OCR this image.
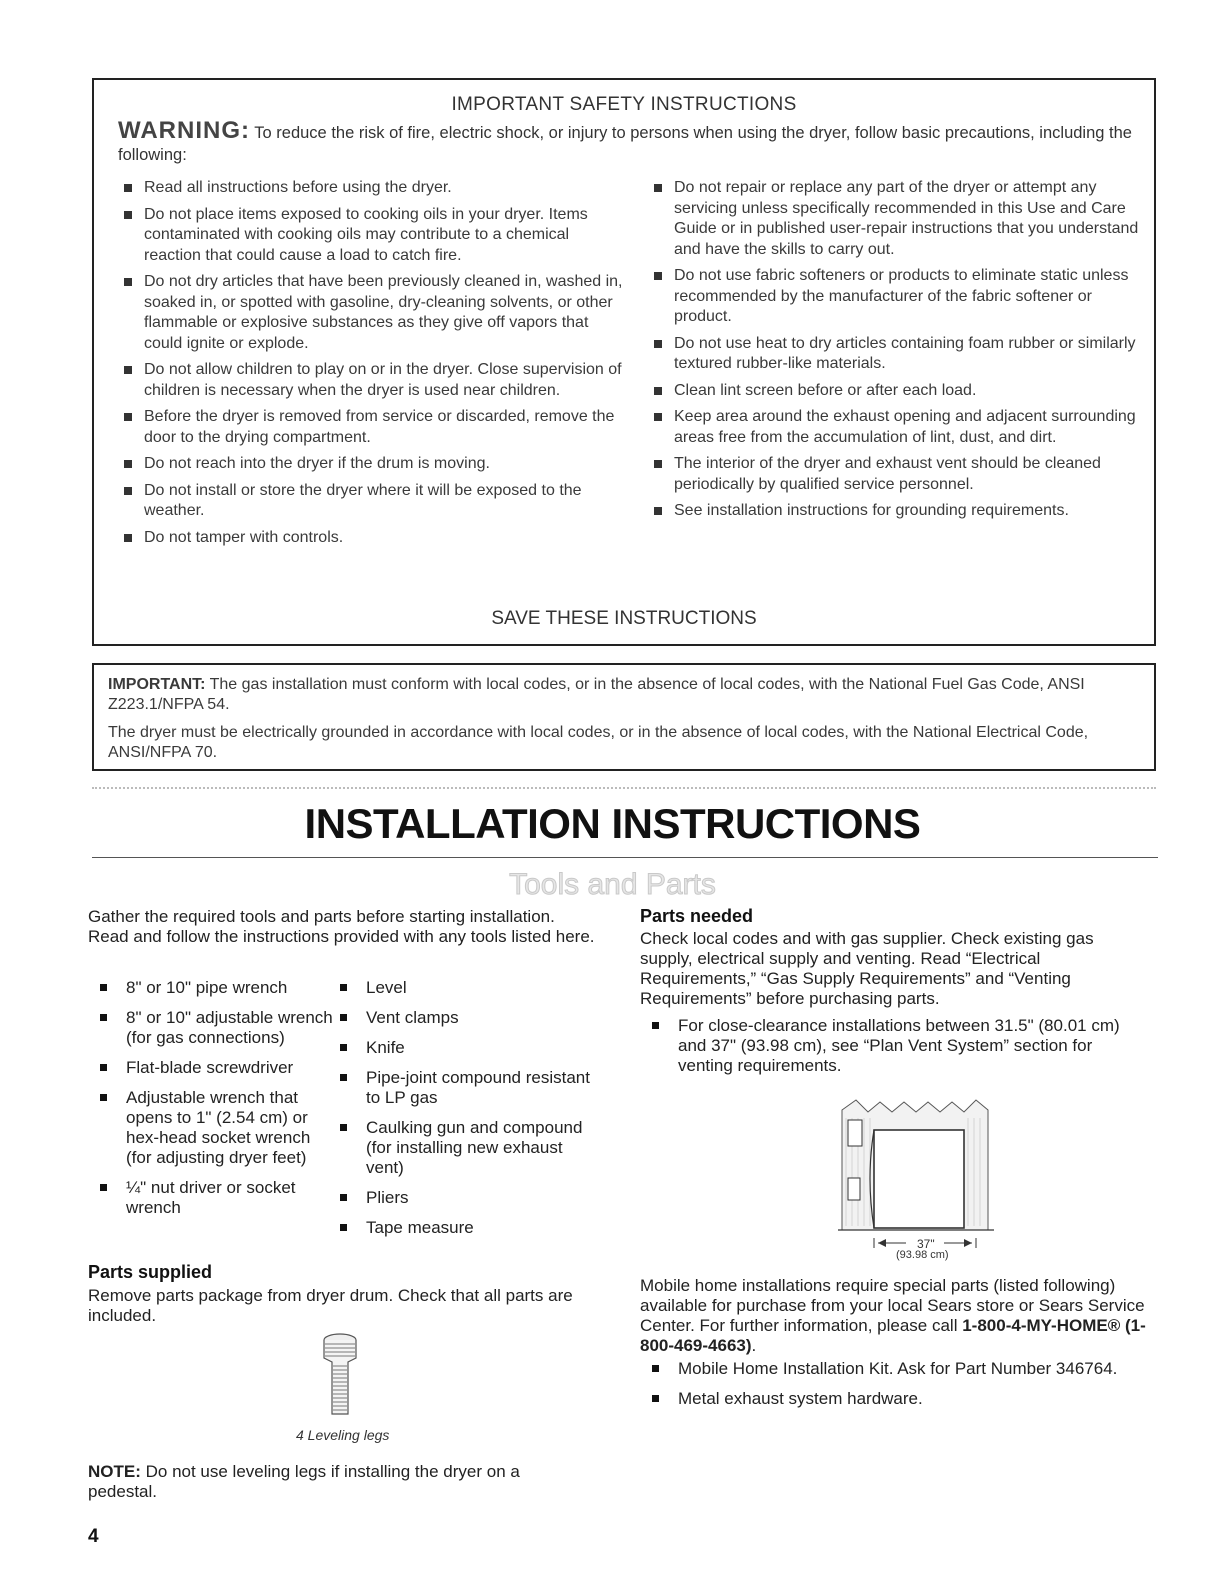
IMPORTANT SAFETY INSTRUCTIONS
WARNING: To reduce the risk of fire, electric shock, or injury to persons when using the dryer, follow basic precautions, including the following:
Read all instructions before using the dryer.
Do not place items exposed to cooking oils in your dryer. Items contaminated with cooking oils may contribute to a chemical reaction that could cause a load to catch fire.
Do not dry articles that have been previously cleaned in, washed in, soaked in, or spotted with gasoline, dry-cleaning solvents, or other flammable or explosive substances as they give off vapors that could ignite or explode.
Do not allow children to play on or in the dryer. Close supervision of children is necessary when the dryer is used near children.
Before the dryer is removed from service or discarded, remove the door to the drying compartment.
Do not reach into the dryer if the drum is moving.
Do not install or store the dryer where it will be exposed to the weather.
Do not tamper with controls.
Do not repair or replace any part of the dryer or attempt any servicing unless specifically recommended in this Use and Care Guide or in published user-repair instructions that you understand and have the skills to carry out.
Do not use fabric softeners or products to eliminate static unless recommended by the manufacturer of the fabric softener or product.
Do not use heat to dry articles containing foam rubber or similarly textured rubber-like materials.
Clean lint screen before or after each load.
Keep area around the exhaust opening and adjacent surrounding areas free from the accumulation of lint, dust, and dirt.
The interior of the dryer and exhaust vent should be cleaned periodically by qualified service personnel.
See installation instructions for grounding requirements.
SAVE THESE INSTRUCTIONS

IMPORTANT: The gas installation must conform with local codes, or in the absence of local codes, with the National Fuel Gas Code, ANSI Z223.1/NFPA 54.

The dryer must be electrically grounded in accordance with local codes, or in the absence of local codes, with the National Electrical Code, ANSI/NFPA 70.

INSTALLATION INSTRUCTIONS
Tools and Parts
Gather the required tools and parts before starting installation. Read and follow the instructions provided with any tools listed here.
8" or 10" pipe wrench
8" or 10" adjustable wrench (for gas connections)
Flat-blade screwdriver
Adjustable wrench that opens to 1" (2.54 cm) or hex-head socket wrench (for adjusting dryer feet)
¼" nut driver or socket wrench
Level
Vent clamps
Knife
Pipe-joint compound resistant to LP gas
Caulking gun and compound (for installing new exhaust vent)
Pliers
Tape measure
Parts supplied
Remove parts package from dryer drum. Check that all parts are included.
4 Leveling legs
NOTE: Do not use leveling legs if installing the dryer on a pedestal.
Parts needed
Check local codes and with gas supplier. Check existing gas supply, electrical supply and venting. Read “Electrical Requirements,” “Gas Supply Requirements” and “Venting Requirements” before purchasing parts.
For close-clearance installations between 31.5" (80.01 cm) and 37" (93.98 cm), see “Plan Vent System” section for venting requirements.
37"
(93.98 cm)
Mobile home installations require special parts (listed following) available for purchase from your local Sears store or Sears Service Center. For further information, please call 1-800-4-MY-HOME® (1-800-469-4663).
Mobile Home Installation Kit. Ask for Part Number 346764.
Metal exhaust system hardware.
4
